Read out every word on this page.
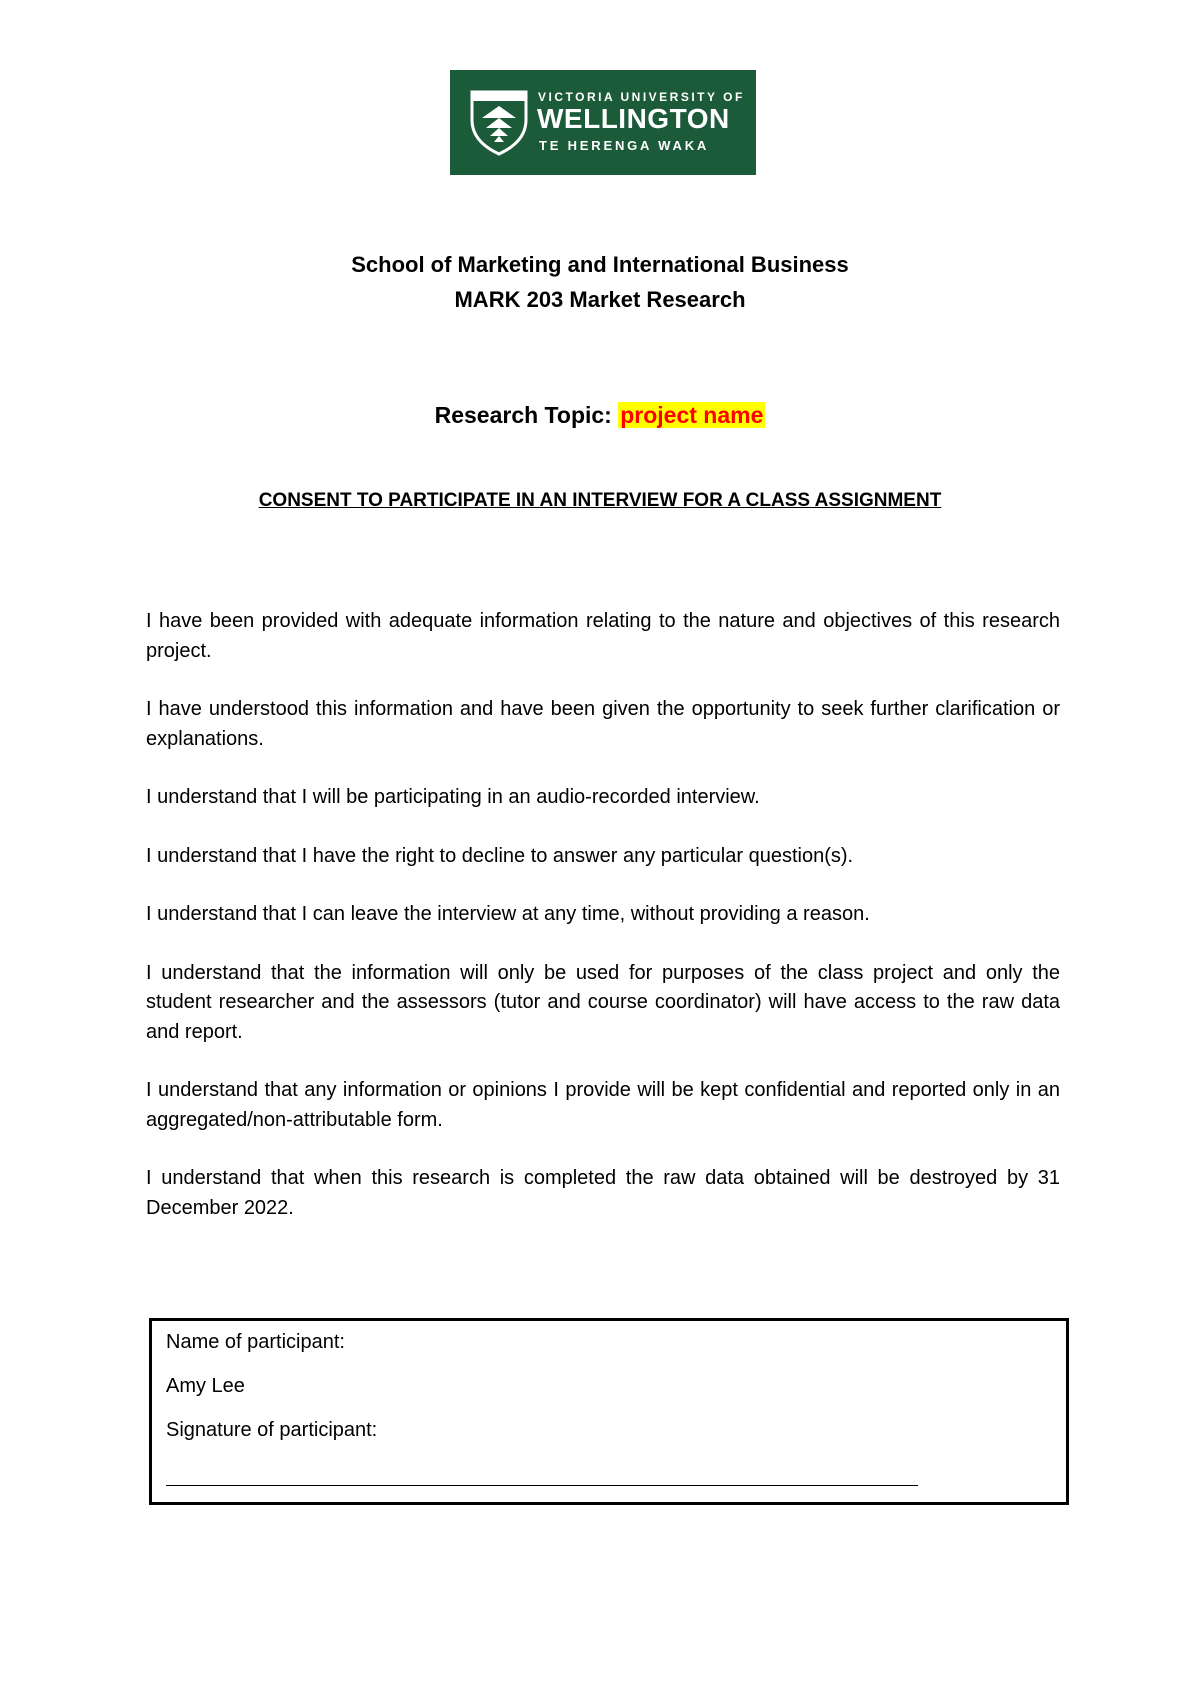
VICTORIA UNIVERSITY OF
WELLINGTON
TE HERENGA WAKA
School of Marketing and International Business
MARK 203 Market Research
Research Topic: project name
CONSENT TO PARTICIPATE IN AN INTERVIEW FOR A CLASS ASSIGNMENT

I have been provided with adequate information relating to the nature and objectives of this research project.

I have understood this information and have been given the opportunity to seek further clarification or explanations.

I understand that I will be participating in an audio-recorded interview.

I understand that I have the right to decline to answer any particular question(s).

I understand that I can leave the interview at any time, without providing a reason.

I understand that the information will only be used for purposes of the class project and only the student researcher and the assessors (tutor and course coordinator) will have access to the raw data and report.

I understand that any information or opinions I provide will be kept confidential and reported only in an aggregated/non-attributable form.

I understand that when this research is completed the raw data obtained will be destroyed by 31 December 2022.

Name of participant:
Amy Lee
Signature of participant:
